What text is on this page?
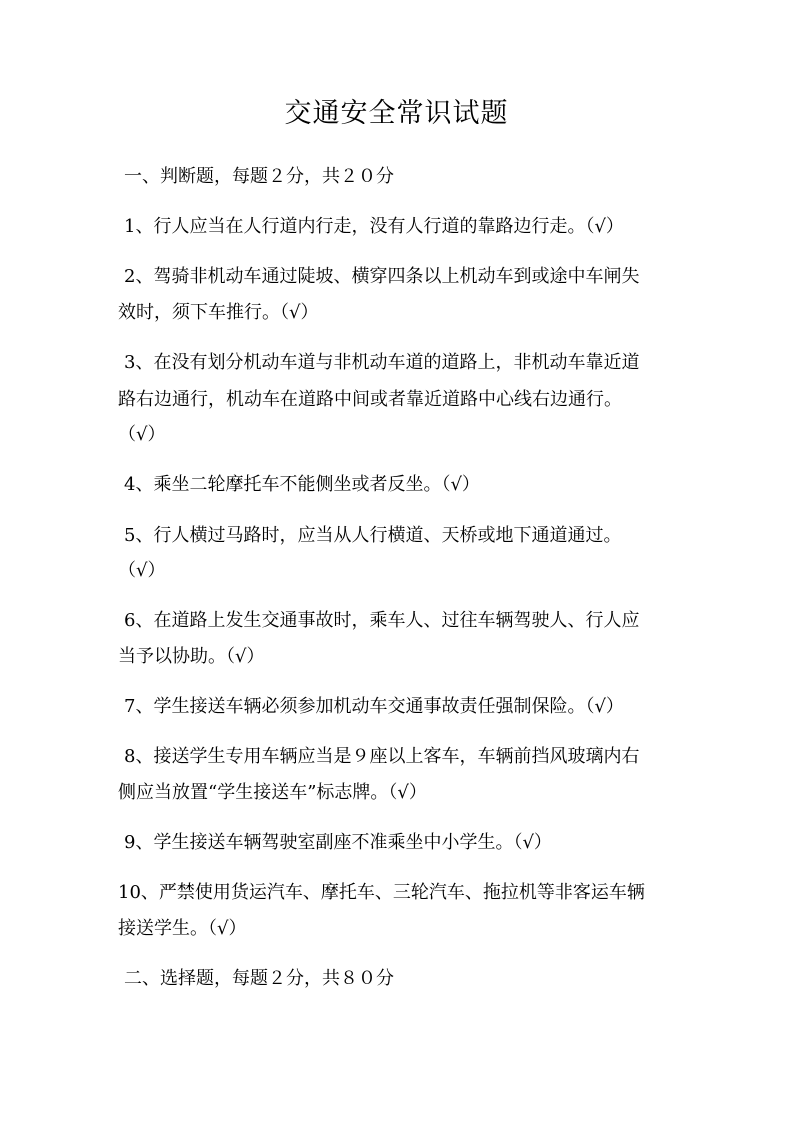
交通安全常识试题

一、判断题，每题２分，共２０分

1、行人应当在人行道内行走，没有人行道的靠路边行走。（√）

2、驾骑非机动车通过陡坡、横穿四条以上机动车到或途中车闸失

效时，须下车推行。（√）

3、在没有划分机动车道与非机动车道的道路上，非机动车靠近道

路右边通行，机动车在道路中间或者靠近道路中心线右边通行。

（√）

4、乘坐二轮摩托车不能侧坐或者反坐。（√）

5、行人横过马路时，应当从人行横道、天桥或地下通道通过。

（√）

6、在道路上发生交通事故时，乘车人、过往车辆驾驶人、行人应

当予以协助。（√）

7、学生接送车辆必须参加机动车交通事故责任强制保险。（√）

8、接送学生专用车辆应当是９座以上客车，车辆前挡风玻璃内右

侧应当放置“学生接送车”标志牌。（√）

9、学生接送车辆驾驶室副座不准乘坐中小学生。（√）

10、严禁使用货运汽车、摩托车、三轮汽车、拖拉机等非客运车辆

接送学生。（√）

二、选择题，每题２分，共８０分
